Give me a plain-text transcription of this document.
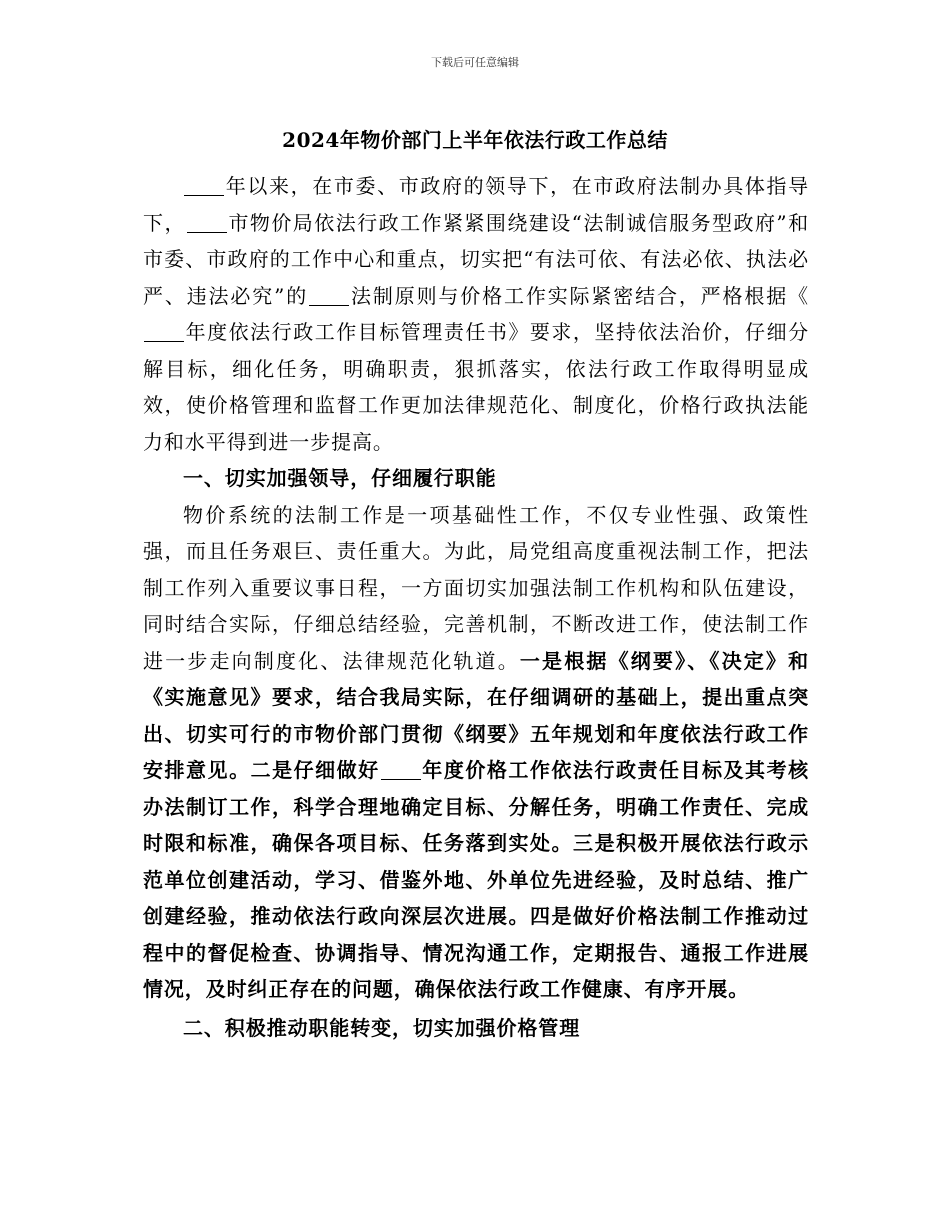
下载后可任意编辑
2024年物价部门上半年依法行政工作总结

年以来，在市委、市政府的领导下，在市政府法制办具体指导下， 市物价局依法行政工作紧紧围绕建设“法制诚信服务型政府”和市委、市政府的工作中心和重点，切实把“有法可依、有法必依、执法必严、违法必究”的 法制原则与价格工作实际紧密结合，严格根据《年度依法行政工作目标管理责任书》要求，坚持依法治价，仔细分解目标，细化任务，明确职责，狠抓落实，依法行政工作取得明显成效，使价格管理和监督工作更加法律规范化、制度化，价格行政执法能力和水平得到进一步提高。

一、切实加强领导，仔细履行职能

物价系统的法制工作是一项基础性工作，不仅专业性强、政策性强，而且任务艰巨、责任重大。为此，局党组高度重视法制工作，把法制工作列入重要议事日程，一方面切实加强法制工作机构和队伍建设，同时结合实际，仔细总结经验，完善机制，不断改进工作，使法制工作进一步走向制度化、法律规范化轨道。一是根据《纲要》、《决定》和《实施意见》要求，结合我局实际，在仔细调研的基础上，提出重点突出、切实可行的市物价部门贯彻《纲要》五年规划和年度依法行政工作安排意见。二是仔细做好 年度价格工作依法行政责任目标及其考核办法制订工作，科学合理地确定目标、分解任务，明确工作责任、完成时限和标准，确保各项目标、任务落到实处。三是积极开展依法行政示范单位创建活动，学习、借鉴外地、外单位先进经验，及时总结、推广创建经验，推动依法行政向深层次进展。四是做好价格法制工作推动过程中的督促检查、协调指导、情况沟通工作，定期报告、通报工作进展情况，及时纠正存在的问题，确保依法行政工作健康、有序开展。

二、积极推动职能转变，切实加强价格管理
